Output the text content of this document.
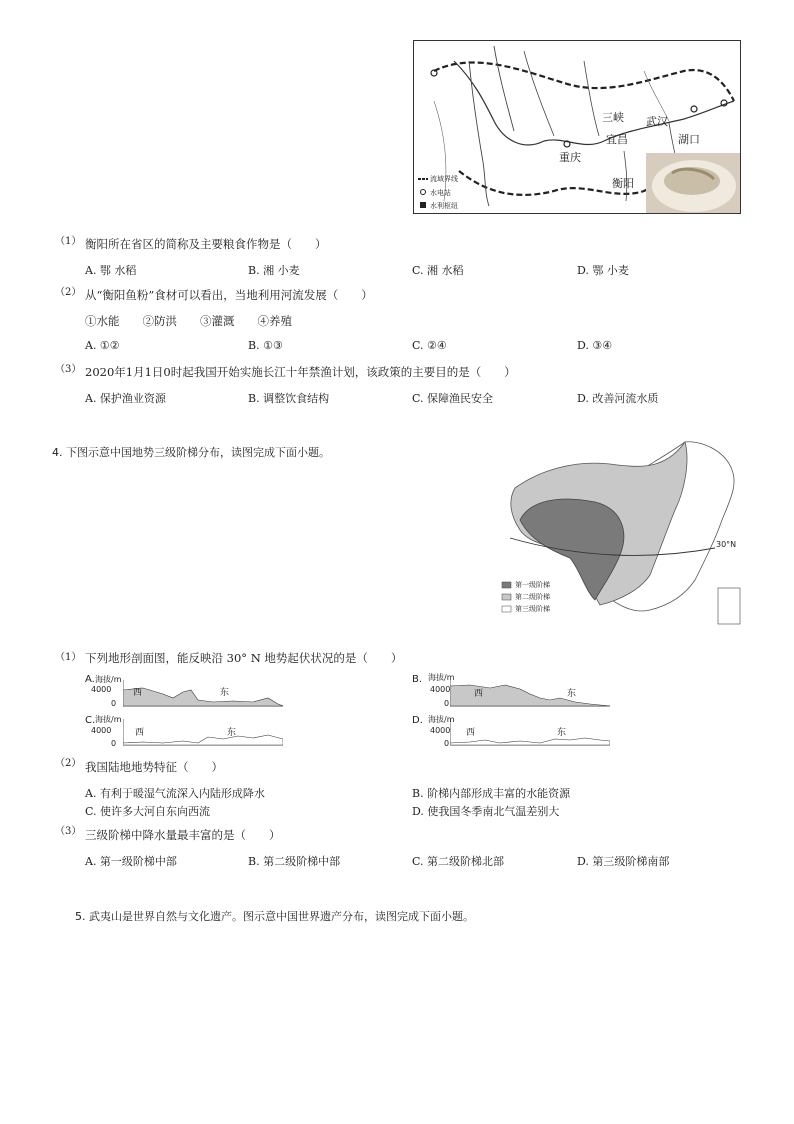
三峡 武汉
宜昌	湖口
重庆
衡阳
流域界线
水电站
水利枢纽
（1） 衡阳所在省区的简称及主要粮食作物是（　　）
A. 鄂 水稻	B. 湘 小麦	C. 湘 水稻	D. 鄂 小麦
（2） 从“衡阳鱼粉”食材可以看出，当地利用河流发展（　　）
①水能　　②防洪　　③灌溉　　④养殖
A. ①②	B. ①③	C. ②④	D. ③④
（3） 2020年1月1日0时起我国开始实施长江十年禁渔计划，该政策的主要目的是（　　）
A. 保护渔业资源	B. 调整饮食结构	C. 保障渔民安全	D. 改善河流水质
4. 下图示意中国地势三级阶梯分布，读图完成下面小题。
30°N
第一级阶梯
第二级阶梯
第三级阶梯
（1） 下列地形剖面图，能反映沿 30° N 地势起伏状况的是（　　）
A. 海拔/m
4000
0
西	东
B. 海拔/m
4000
0
西	东
C. 海拔/m
4000
0
西	东
D. 海拔/m
4000
0
西	东
（2） 我国陆地地势特征（　　）
A. 有利于暖湿气流深入内陆形成降水	B. 阶梯内部形成丰富的水能资源
C. 使许多大河自东向西流	D. 使我国冬季南北气温差别大
（3） 三级阶梯中降水量最丰富的是（　　）
A. 第一级阶梯中部	B. 第二级阶梯中部	C. 第二级阶梯北部	D. 第三级阶梯南部
5. 武夷山是世界自然与文化遗产。图示意中国世界遗产分布，读图完成下面小题。
